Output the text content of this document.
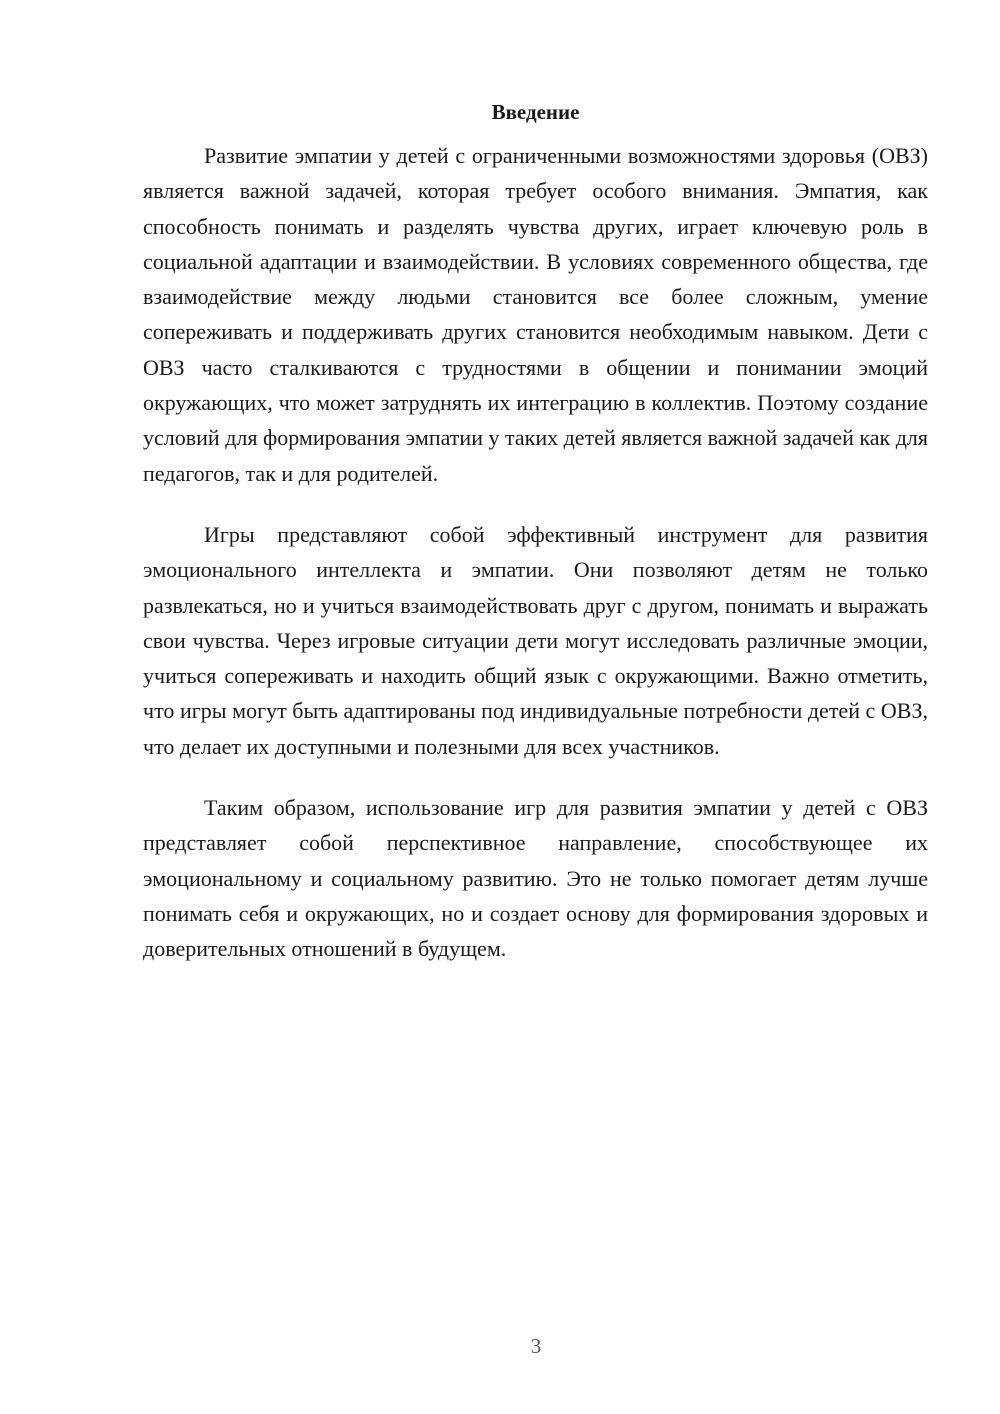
Введение

Развитие эмпатии у детей с ограниченными возможностями здоровья (ОВЗ) является важной задачей, которая требует особого внимания. Эмпатия, как способность понимать и разделять чувства других, играет ключевую роль в социальной адаптации и взаимодействии. В условиях современного общества, где взаимодействие между людьми становится все более сложным, умение сопереживать и поддерживать других становится необходимым навыком. Дети с ОВЗ часто сталкиваются с трудностями в общении и понимании эмоций окружающих, что может затруднять их интеграцию в коллектив. Поэтому создание условий для формирования эмпатии у таких детей является важной задачей как для педагогов, так и для родителей.

Игры представляют собой эффективный инструмент для развития эмоционального интеллекта и эмпатии. Они позволяют детям не только развлекаться, но и учиться взаимодействовать друг с другом, понимать и выражать свои чувства. Через игровые ситуации дети могут исследовать различные эмоции, учиться сопереживать и находить общий язык с окружающими. Важно отметить, что игры могут быть адаптированы под индивидуальные потребности детей с ОВЗ, что делает их доступными и полезными для всех участников.

Таким образом, использование игр для развития эмпатии у детей с ОВЗ представляет собой перспективное направление, способствующее их эмоциональному и социальному развитию. Это не только помогает детям лучше понимать себя и окружающих, но и создает основу для формирования здоровых и доверительных отношений в будущем.

3
